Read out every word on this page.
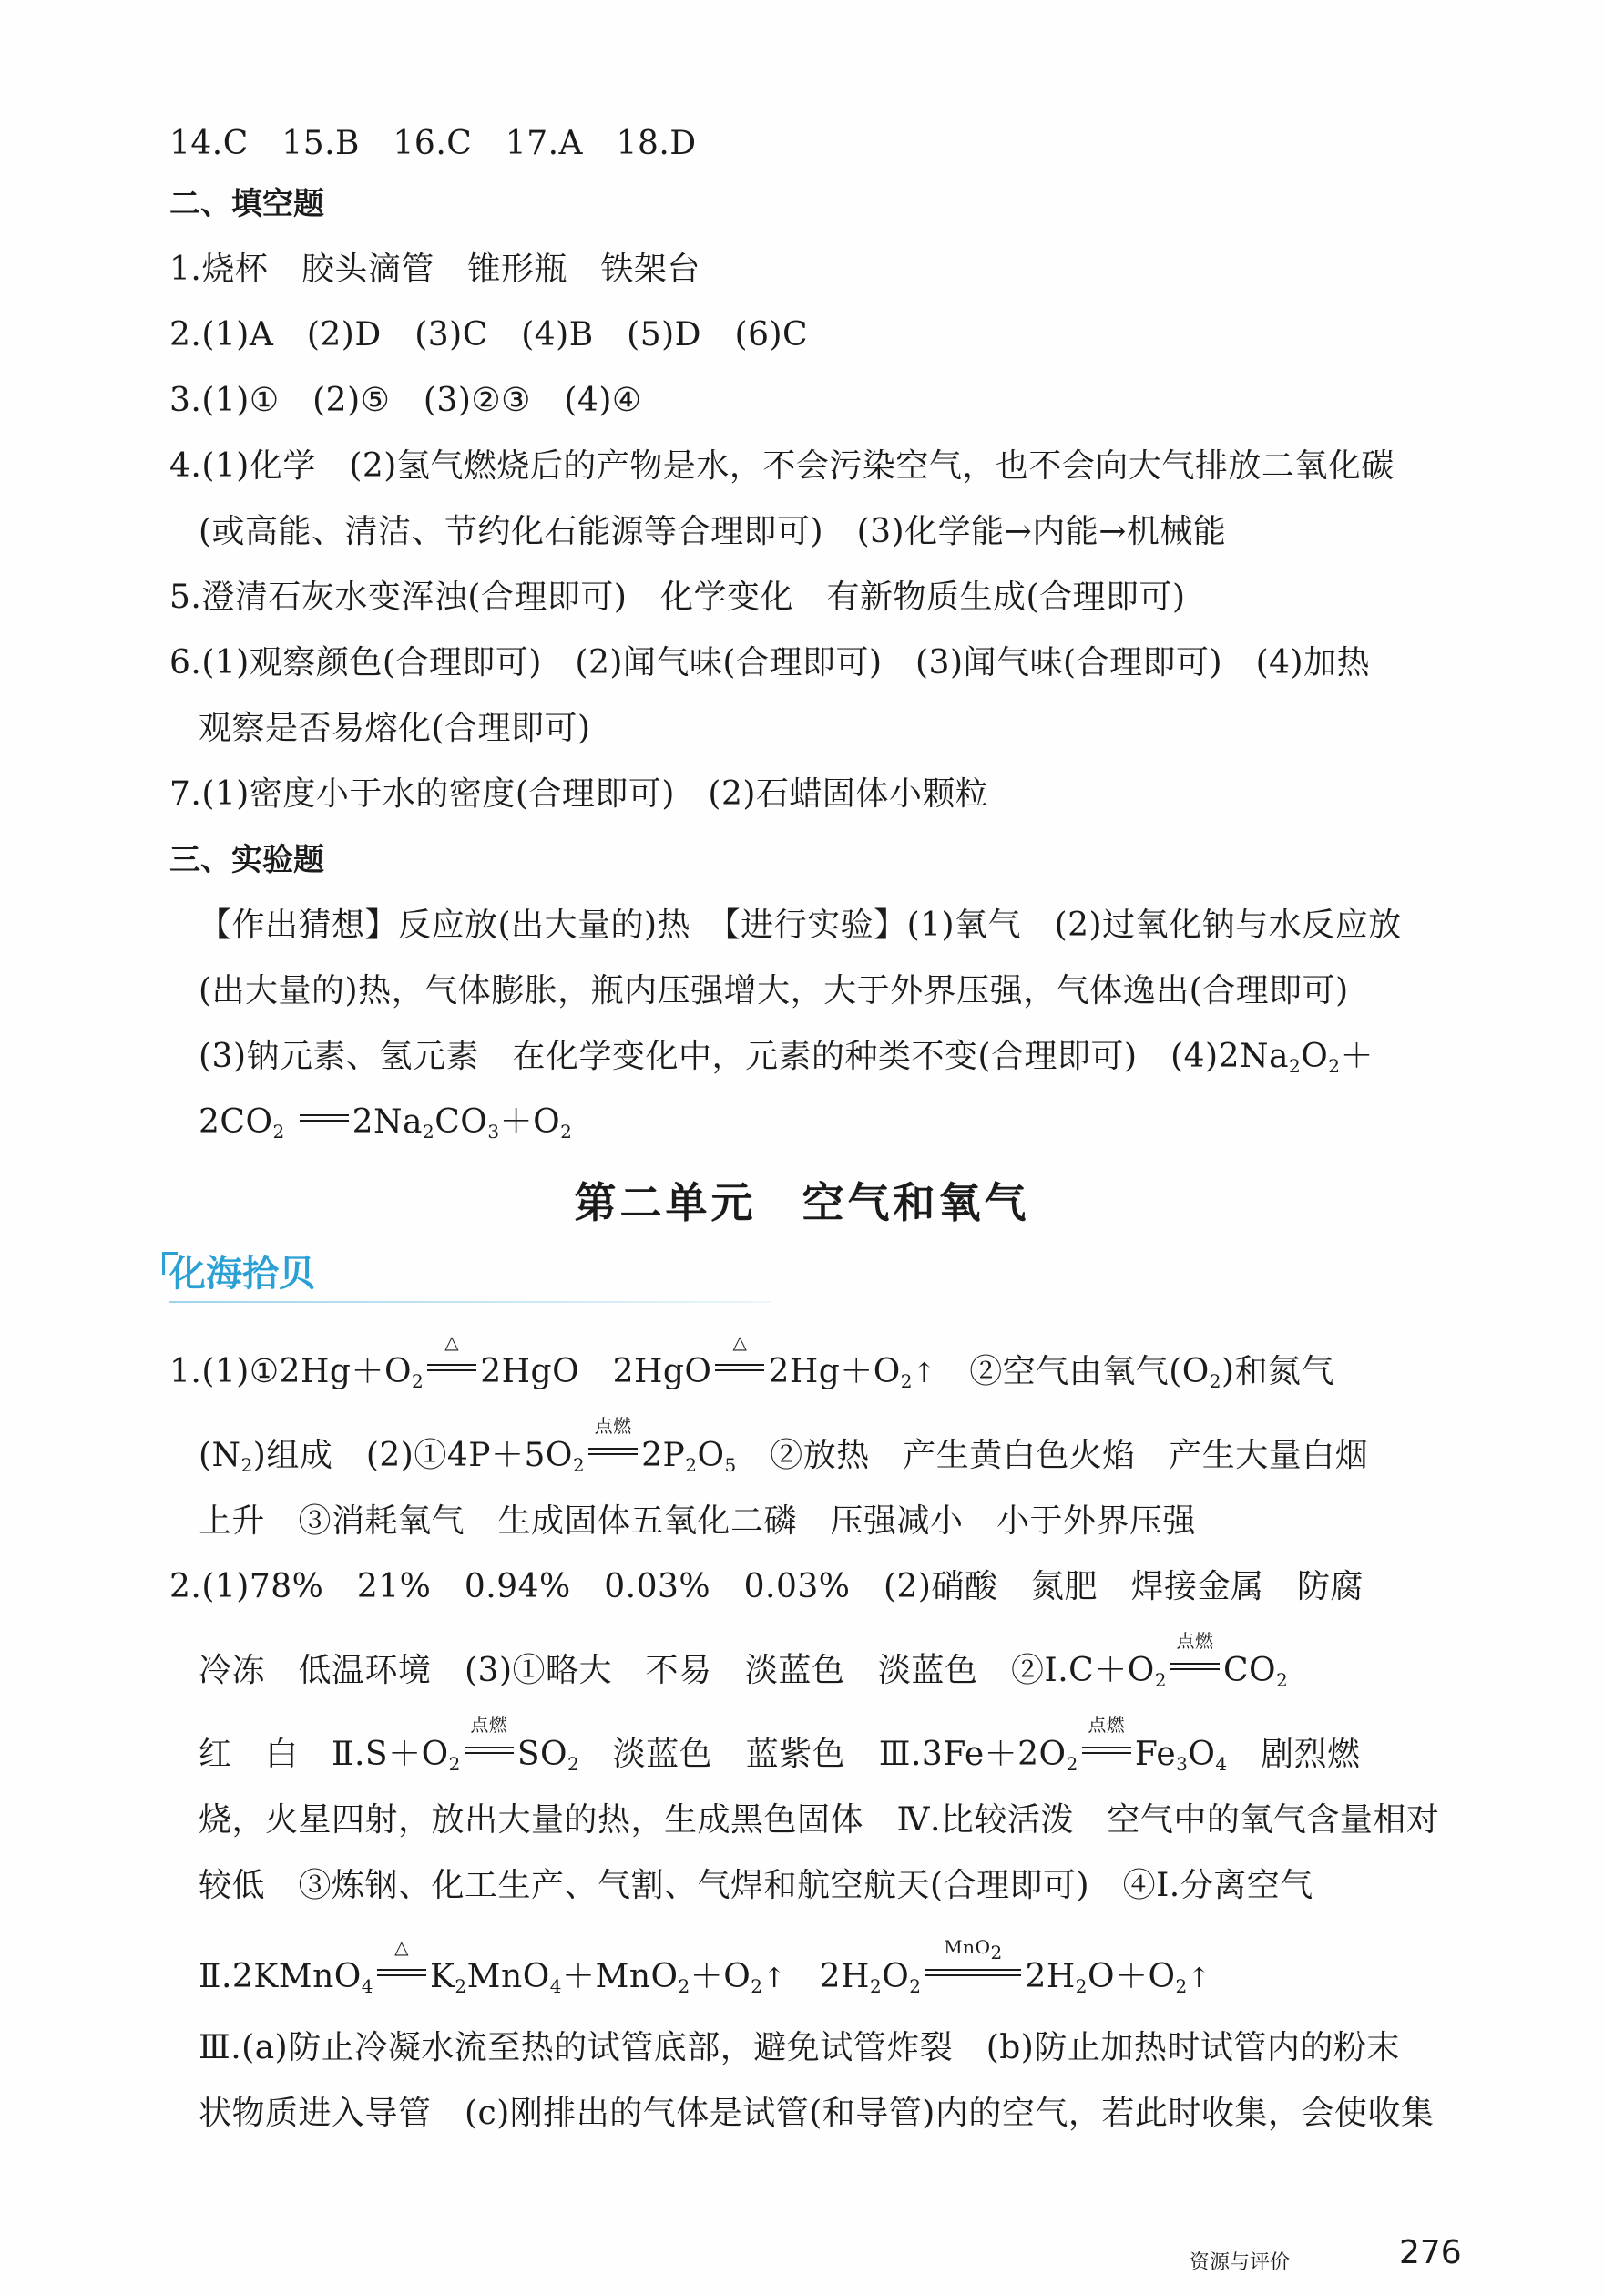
14.C　15.B　16.C　17.A　18.D
二、填空题
1.烧杯　胶头滴管　锥形瓶　铁架台
2.(1)A　(2)D　(3)C　(4)B　(5)D　(6)C
3.(1)①　(2)⑤　(3)②③　(4)④
4.(1)化学　(2)氢气燃烧后的产物是水，不会污染空气，也不会向大气排放二氧化碳
(或高能、清洁、节约化石能源等合理即可)　(3)化学能→内能→机械能
5.澄清石灰水变浑浊(合理即可)　化学变化　有新物质生成(合理即可)
6.(1)观察颜色(合理即可)　(2)闻气味(合理即可)　(3)闻气味(合理即可)　(4)加热
观察是否易熔化(合理即可)
7.(1)密度小于水的密度(合理即可)　(2)石蜡固体小颗粒
三、实验题
【作出猜想】反应放(出大量的)热　【进行实验】(1)氧气　(2)过氧化钠与水反应放
(出大量的)热，气体膨胀，瓶内压强增大，大于外界压强，气体逸出(合理即可)
(3)钠元素、氢元素　在化学变化中，元素的种类不变(合理即可)　$(4)2Na_2O_2+$
$2CO_2$ $2Na_2CO_3+O_2$
第二单元　空气和氧气
化海拾贝
$1.(1)①2Hg+O_2$
△
2HgO　2HgO
△
$2Hg+O_2↑$　 ②空气由氧气$(O_2)$和氮气
$(N_2)$组成　$(2)①4P+5O_2$
点燃
$2P_2O_5$　 ②放热　产生黄白色火焰　产生大量白烟
上升　③消耗氧气　生成固体五氧化二磷　压强减小　小于外界压强
2.(1)78%　21%　0.94%　0.03%　0.03%　(2)硝酸　氮肥　焊接金属　防腐
冷冻　低温环境　(3)①略大　不易　淡蓝色　淡蓝色　$②Ⅰ.C+O_2$
点燃
$CO_2$
红　白　$Ⅱ.S+O_2$
点燃
$SO_2$　 淡蓝色　蓝紫色　$Ⅲ.3Fe+2O_2$
点燃
$Fe_3O_4$　 剧烈燃
烧，火星四射，放出大量的热，生成黑色固体　Ⅳ.比较活泼　空气中的氧气含量相对
较低　③炼钢、化工生产、气割、气焊和航空航天(合理即可)　④Ⅰ.分离空气
Ⅱ.2KMnO$_4$
△
$K_2MnO_4+MnO_2+O_2↑$　 $2H_2O_2$
MnO$_2$
$2H_2O+O_2↑$
Ⅲ.(a)防止冷凝水流至热的试管底部，避免试管炸裂　(b)防止加热时试管内的粉末
状物质进入导管　(c)刚排出的气体是试管(和导管)内的空气，若此时收集，会使收集
资源与评价	276
